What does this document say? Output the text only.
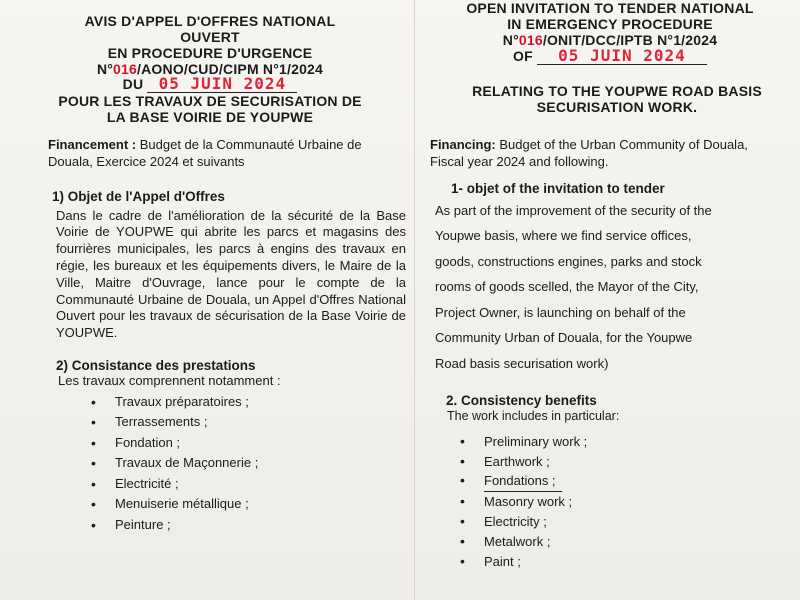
AVIS D'APPEL D'OFFRES NATIONAL
OUVERT
EN PROCEDURE D'URGENCE
N°016/AONO/CUD/CIPM N°1/2024
DU 05 JUIN 2024
POUR LES TRAVAUX DE SECURISATION DE
LA BASE VOIRIE DE YOUPWE
Financement : Budget de la Communauté Urbaine de Douala, Exercice 2024 et suivants
1) Objet de l'Appel d'Offres
Dans le cadre de l'amélioration de la sécurité de la Base Voirie de YOUPWE qui abrite les parcs et magasins des fourrières municipales, les parcs à engins des travaux en régie, les bureaux et les équipements divers, le Maire de la Ville, Maitre d'Ouvrage, lance pour le compte de la Communauté Urbaine de Douala, un Appel d'Offres National Ouvert pour les travaux de sécurisation de la Base Voirie de YOUPWE.
2) Consistance des prestations
Les travaux comprennent notamment :
• Travaux préparatoires ;
• Terrassements ;
• Fondation ;
• Travaux de Maçonnerie ;
• Electricité ;
• Menuiserie métallique ;
• Peinture ;
OPEN INVITATION TO TENDER NATIONAL
IN EMERGENCY PROCEDURE
N°016/ONIT/DCC/IPTB N°1/2024
OF 05 JUIN 2024
RELATING TO THE YOUPWE ROAD BASIS
SECURISATION WORK.
Financing: Budget of the Urban Community of Douala, Fiscal year 2024 and following.
1- objet of the invitation to tender
As part of the improvement of the security of the
Youpwe basis, where we find service offices,
goods, constructions engines, parks and stock
rooms of goods scelled, the Mayor of the City,
Project Owner, is launching on behalf of the
Community Urban of Douala, for the Youpwe
Road basis securisation work)
2. Consistency benefits
The work includes in particular:
• Preliminary work ;
• Earthwork ;
• Fondations ;
• Masonry work ;
• Electricity ;
• Metalwork ;
• Paint ;
